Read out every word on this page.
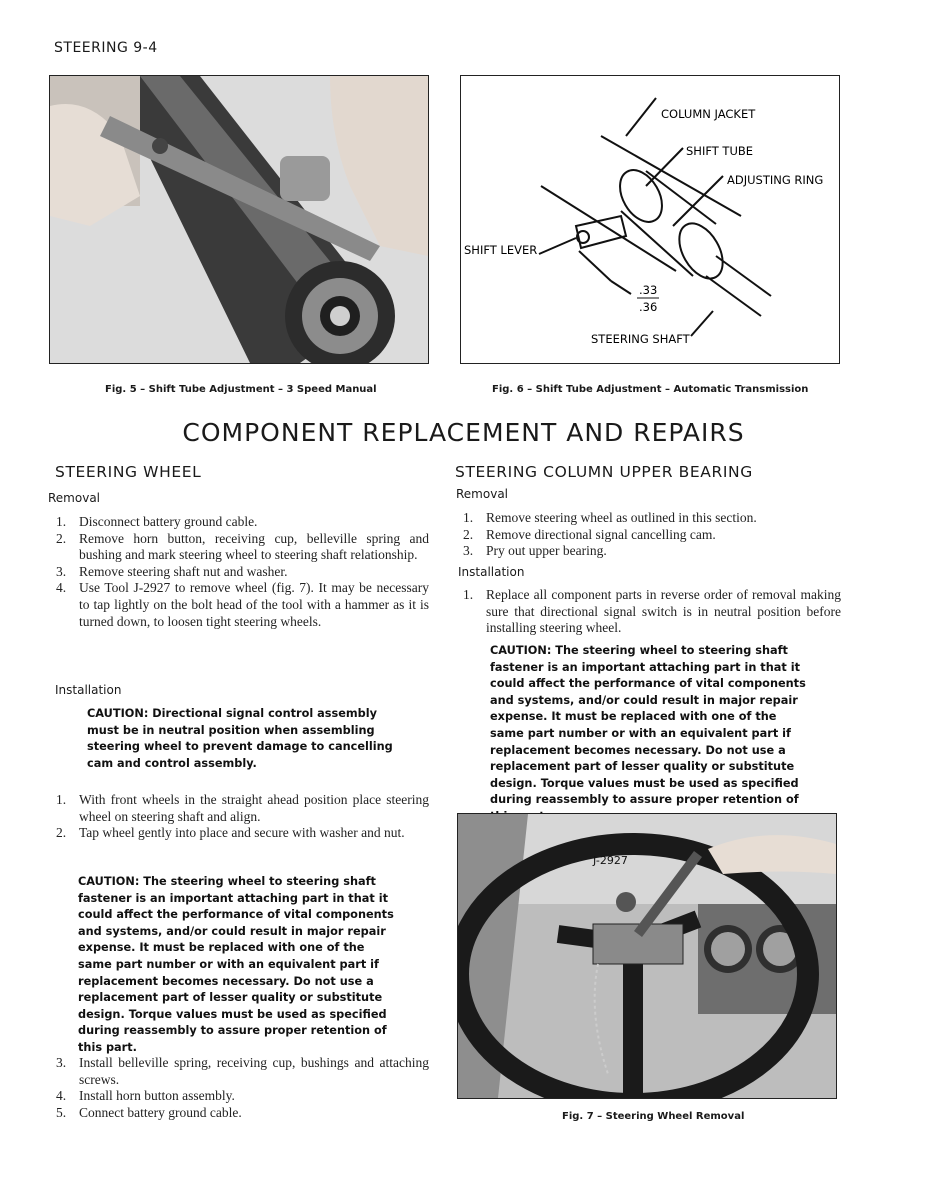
STEERING 9-4
Fig. 5 – Shift Tube Adjustment – 3 Speed Manual
COLUMN JACKET
SHIFT TUBE
ADJUSTING RING
SHIFT LEVER
.33
.36
STEERING SHAFT
Fig. 6 – Shift Tube Adjustment – Automatic Transmission
COMPONENT REPLACEMENT AND REPAIRS
STEERING WHEEL
Removal
1. Disconnect battery ground cable.
2. Remove horn button, receiving cup, belleville spring and bushing and mark steering wheel to steering shaft relationship.
3. Remove steering shaft nut and washer.
4. Use Tool J-2927 to remove wheel (fig. 7). It may be necessary to tap lightly on the bolt head of the tool with a hammer as it is turned down, to loosen tight steering wheels.
Installation
CAUTION: Directional signal control assembly must be in neutral position when assembling steering wheel to prevent damage to cancelling cam and control assembly.
1. With front wheels in the straight ahead position place steering wheel on steering shaft and align.
2. Tap wheel gently into place and secure with washer and nut.
CAUTION: The steering wheel to steering shaft fastener is an important attaching part in that it could affect the performance of vital components and systems, and/or could result in major repair expense. It must be replaced with one of the same part number or with an equivalent part if replacement becomes necessary. Do not use a replacement part of lesser quality or substitute design. Torque values must be used as specified during reassembly to assure proper retention of this part.
3. Install belleville spring, receiving cup, bushings and attaching screws.
4. Install horn button assembly.
5. Connect battery ground cable.
STEERING COLUMN UPPER BEARING
Removal
1. Remove steering wheel as outlined in this section.
2. Remove directional signal cancelling cam.
3. Pry out upper bearing.
Installation
1. Replace all component parts in reverse order of removal making sure that directional signal switch is in neutral position before installing steering wheel.
CAUTION: The steering wheel to steering shaft fastener is an important attaching part in that it could affect the performance of vital components and systems, and/or could result in major repair expense. It must be replaced with one of the same part number or with an equivalent part if replacement becomes necessary. Do not use a replacement part of lesser quality or substitute design. Torque values must be used as specified during reassembly to assure proper retention of
J-2927
Fig. 7 – Steering Wheel Removal
